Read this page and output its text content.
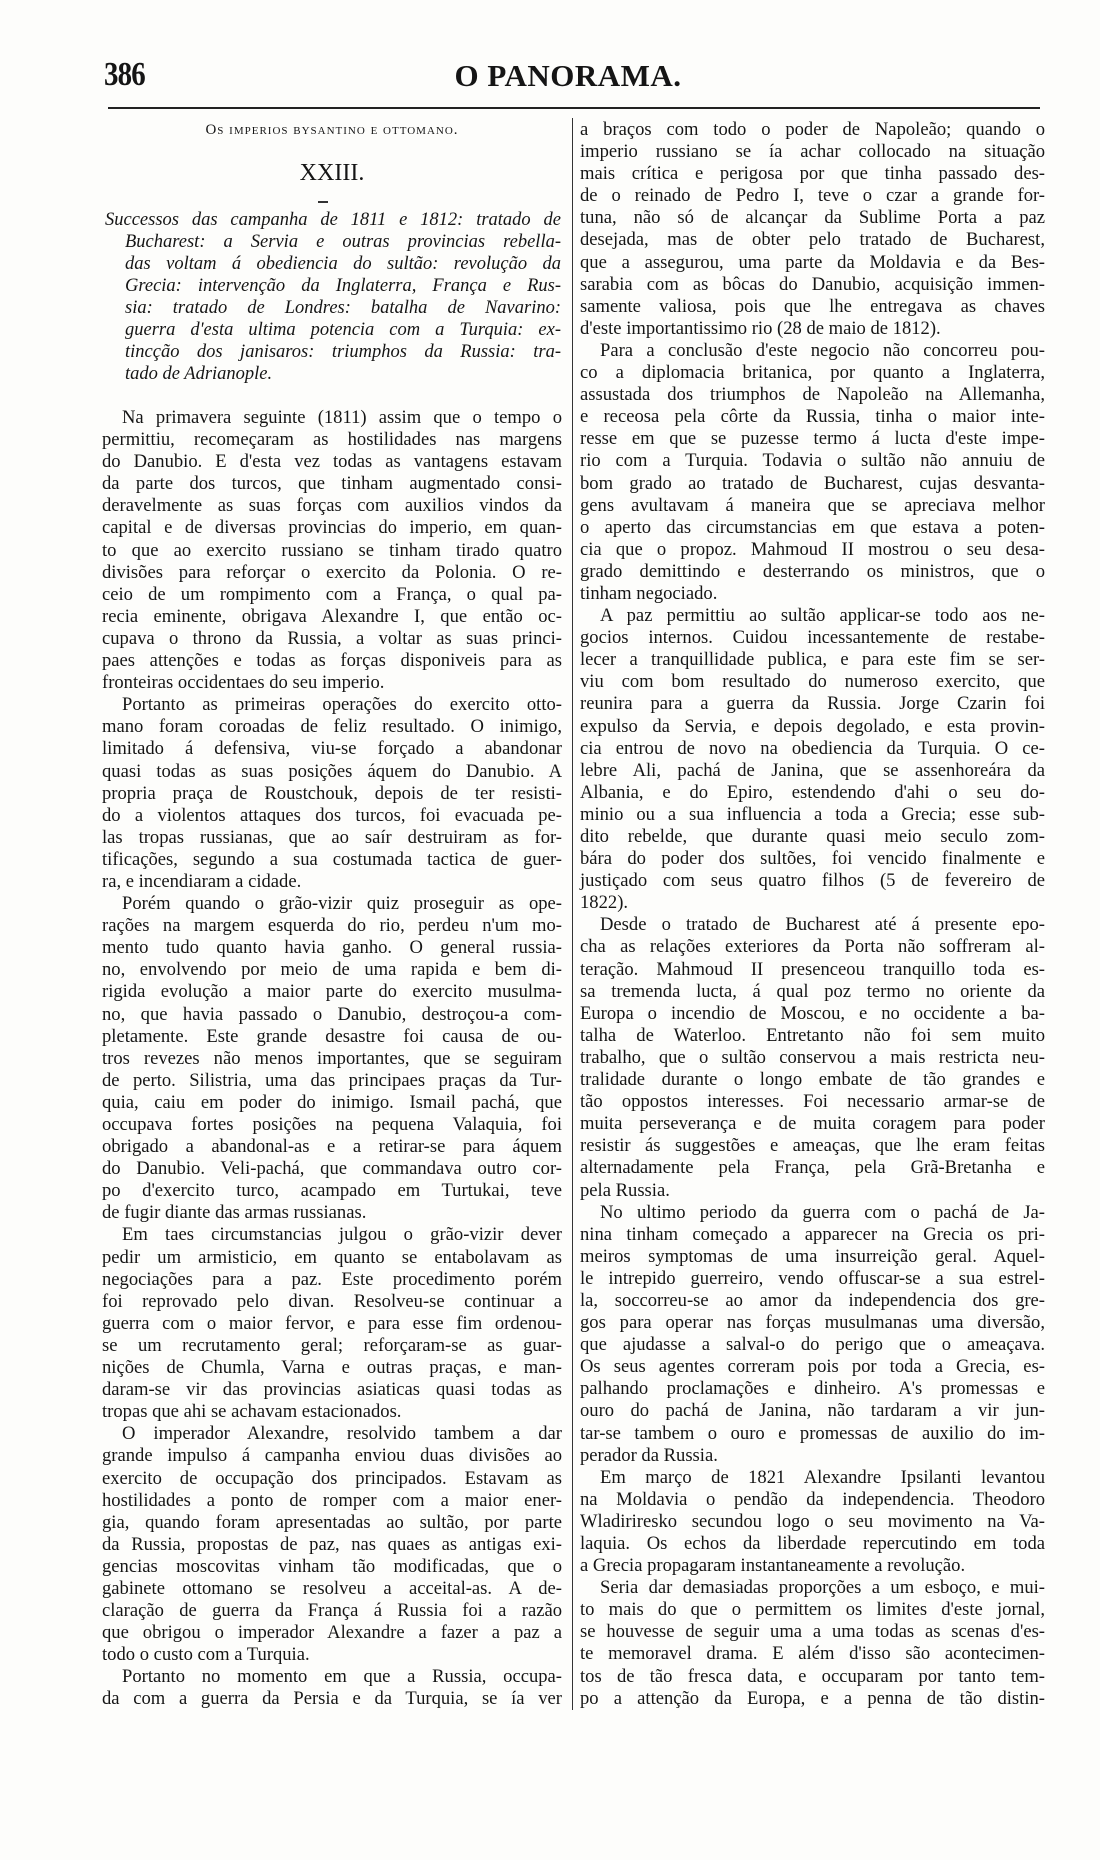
386	O PANORAMA.
Os imperios bysantino e ottomano.
XXIII.
Successos das campanha de 1811 e 1812: tratado de
Bucharest: a Servia e outras provincias rebella-
das voltam á obediencia do sultão: revolução da
Grecia: intervenção da Inglaterra, França e Rus-
sia: tratado de Londres: batalha de Navarino:
guerra d'esta ultima potencia com a Turquia: ex-
tincção dos janisaros: triumphos da Russia: tra-
tado de Adrianople.
Na primavera seguinte (1811) assim que o tempo o
permittiu, recomeçaram as hostilidades nas margens
do Danubio. E d'esta vez todas as vantagens estavam
da parte dos turcos, que tinham augmentado consi-
deravelmente as suas forças com auxilios vindos da
capital e de diversas provincias do imperio, em quan-
to que ao exercito russiano se tinham tirado quatro
divisões para reforçar o exercito da Polonia. O re-
ceio de um rompimento com a França, o qual pa-
recia eminente, obrigava Alexandre I, que então oc-
cupava o throno da Russia, a voltar as suas princi-
paes attenções e todas as forças disponiveis para as
fronteiras occidentaes do seu imperio.
Portanto as primeiras operações do exercito otto-
mano foram coroadas de feliz resultado. O inimigo,
limitado á defensiva, viu-se forçado a abandonar
quasi todas as suas posições áquem do Danubio. A
propria praça de Roustchouk, depois de ter resisti-
do a violentos attaques dos turcos, foi evacuada pe-
las tropas russianas, que ao saír destruiram as for-
tificações, segundo a sua costumada tactica de guer-
ra, e incendiaram a cidade.
Porém quando o grão-vizir quiz proseguir as ope-
rações na margem esquerda do rio, perdeu n'um mo-
mento tudo quanto havia ganho. O general russia-
no, envolvendo por meio de uma rapida e bem di-
rigida evolução a maior parte do exercito musulma-
no, que havia passado o Danubio, destroçou-a com-
pletamente. Este grande desastre foi causa de ou-
tros revezes não menos importantes, que se seguiram
de perto. Silistria, uma das principaes praças da Tur-
quia, caiu em poder do inimigo. Ismail pachá, que
occupava fortes posições na pequena Valaquia, foi
obrigado a abandonal-as e a retirar-se para áquem
do Danubio. Veli-pachá, que commandava outro cor-
po d'exercito turco, acampado em Turtukai, teve
de fugir diante das armas russianas.
Em taes circumstancias julgou o grão-vizir dever
pedir um armisticio, em quanto se entabolavam as
negociações para a paz. Este procedimento porém
foi reprovado pelo divan. Resolveu-se continuar a
guerra com o maior fervor, e para esse fim ordenou-
se um recrutamento geral; reforçaram-se as guar-
nições de Chumla, Varna e outras praças, e man-
daram-se vir das provincias asiaticas quasi todas as
tropas que ahi se achavam estacionados.
O imperador Alexandre, resolvido tambem a dar
grande impulso á campanha enviou duas divisões ao
exercito de occupação dos principados. Estavam as
hostilidades a ponto de romper com a maior ener-
gia, quando foram apresentadas ao sultão, por parte
da Russia, propostas de paz, nas quaes as antigas exi-
gencias moscovitas vinham tão modificadas, que o
gabinete ottomano se resolveu a acceital-as. A de-
claração de guerra da França á Russia foi a razão
que obrigou o imperador Alexandre a fazer a paz a
todo o custo com a Turquia.
Portanto no momento em que a Russia, occupa-
da com a guerra da Persia e da Turquia, se ía ver
a braços com todo o poder de Napoleão; quando o
imperio russiano se ía achar collocado na situação
mais crítica e perigosa por que tinha passado des-
de o reinado de Pedro I, teve o czar a grande for-
tuna, não só de alcançar da Sublime Porta a paz
desejada, mas de obter pelo tratado de Bucharest,
que a assegurou, uma parte da Moldavia e da Bes-
sarabia com as bôcas do Danubio, acquisição immen-
samente valiosa, pois que lhe entregava as chaves
d'este importantissimo rio (28 de maio de 1812).
Para a conclusão d'este negocio não concorreu pou-
co a diplomacia britanica, por quanto a Inglaterra,
assustada dos triumphos de Napoleão na Allemanha,
e receosa pela côrte da Russia, tinha o maior inte-
resse em que se puzesse termo á lucta d'este impe-
rio com a Turquia. Todavia o sultão não annuiu de
bom grado ao tratado de Bucharest, cujas desvanta-
gens avultavam á maneira que se apreciava melhor
o aperto das circumstancias em que estava a poten-
cia que o propoz. Mahmoud II mostrou o seu desa-
grado demittindo e desterrando os ministros, que o
tinham negociado.
A paz permittiu ao sultão applicar-se todo aos ne-
gocios internos. Cuidou incessantemente de restabe-
lecer a tranquillidade publica, e para este fim se ser-
viu com bom resultado do numeroso exercito, que
reunira para a guerra da Russia. Jorge Czarin foi
expulso da Servia, e depois degolado, e esta provin-
cia entrou de novo na obediencia da Turquia. O ce-
lebre Ali, pachá de Janina, que se assenhoreára da
Albania, e do Epiro, estendendo d'ahi o seu do-
minio ou a sua influencia a toda a Grecia; esse sub-
dito rebelde, que durante quasi meio seculo zom-
bára do poder dos sultões, foi vencido finalmente e
justiçado com seus quatro filhos (5 de fevereiro de
1822).
Desde o tratado de Bucharest até á presente epo-
cha as relações exteriores da Porta não soffreram al-
teração. Mahmoud II presenceou tranquillo toda es-
sa tremenda lucta, á qual poz termo no oriente da
Europa o incendio de Moscou, e no occidente a ba-
talha de Waterloo. Entretanto não foi sem muito
trabalho, que o sultão conservou a mais restricta neu-
tralidade durante o longo embate de tão grandes e
tão oppostos interesses. Foi necessario armar-se de
muita perseverança e de muita coragem para poder
resistir ás suggestões e ameaças, que lhe eram feitas
alternadamente pela França, pela Grã-Bretanha e
pela Russia.
No ultimo periodo da guerra com o pachá de Ja-
nina tinham começado a apparecer na Grecia os pri-
meiros symptomas de uma insurreição geral. Aquel-
le intrepido guerreiro, vendo offuscar-se a sua estrel-
la, soccorreu-se ao amor da independencia dos gre-
gos para operar nas forças musulmanas uma diversão,
que ajudasse a salval-o do perigo que o ameaçava.
Os seus agentes correram pois por toda a Grecia, es-
palhando proclamações e dinheiro. A's promessas e
ouro do pachá de Janina, não tardaram a vir jun-
tar-se tambem o ouro e promessas de auxilio do im-
perador da Russia.
Em março de 1821 Alexandre Ipsilanti levantou
na Moldavia o pendão da independencia. Theodoro
Wladiriresko secundou logo o seu movimento na Va-
laquia. Os echos da liberdade repercutindo em toda
a Grecia propagaram instantaneamente a revolução.
Seria dar demasiadas proporções a um esboço, e mui-
to mais do que o permittem os limites d'este jornal,
se houvesse de seguir uma a uma todas as scenas d'es-
te memoravel drama. E além d'isso são acontecimen-
tos de tão fresca data, e occuparam por tanto tem-
po a attenção da Europa, e a penna de tão distin-
